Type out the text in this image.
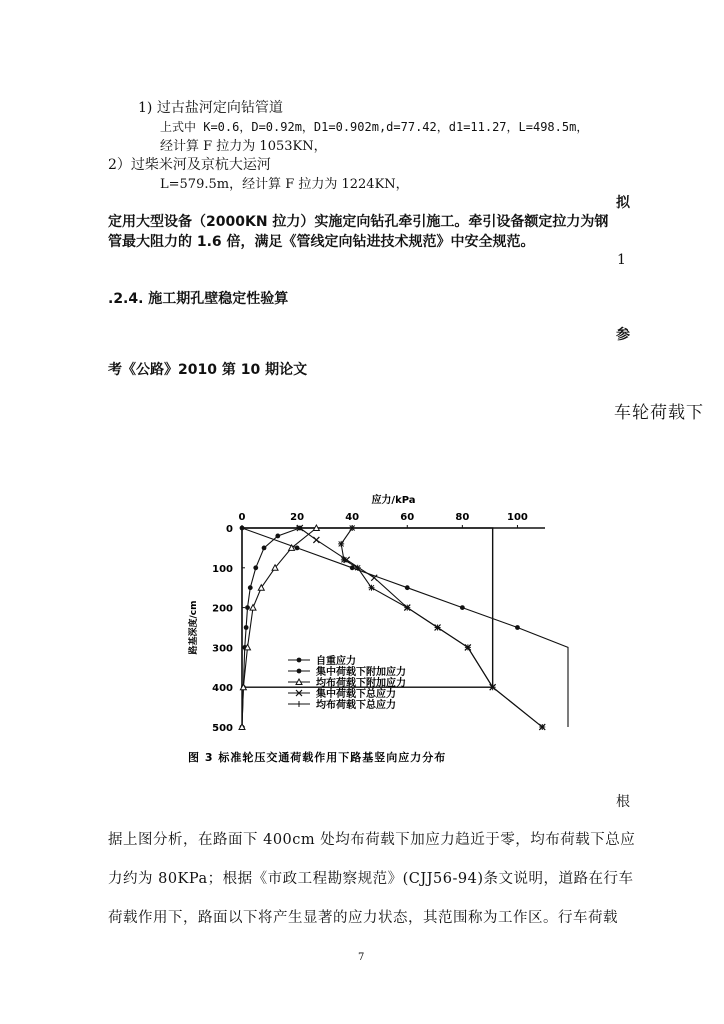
1) 过古盐河定向钻管道
上式中 K=0.6，D=0.92m，D1=0.902m,d=77.42，d1=11.27，L=498.5m，
经计算 F 拉力为 1053KN，
2）过柴米河及京杭大运河
L=579.5m，经计算 F 拉力为 1224KN，
拟
定用大型设备（2000KN 拉力）实施定向钻孔牵引施工。牵引设备额定拉力为钢
管最大阻力的 1.6 倍，满足《管线定向钻进技术规范》中安全规范。
1
.2.4. 施工期孔壁稳定性验算
参
考《公路》2010 第 10 期论文
车轮荷载下
应力/kPa
路基深度/cm
0	20	40	60	80	100
0
100
200
300
400
500
自重应力
集中荷载下附加应力
均布荷载下附加应力
集中荷载下总应力
均布荷载下总应力
图 3 标准轮压交通荷载作用下路基竖向应力分布
根
据上图分析，在路面下 400cm 处均布荷载下加应力趋近于零，均布荷载下总应
力约为 80KPa；根据《市政工程勘察规范》(CJJ56-94)条文说明，道路在行车
荷载作用下，路面以下将产生显著的应力状态，其范围称为工作区。行车荷载
7
